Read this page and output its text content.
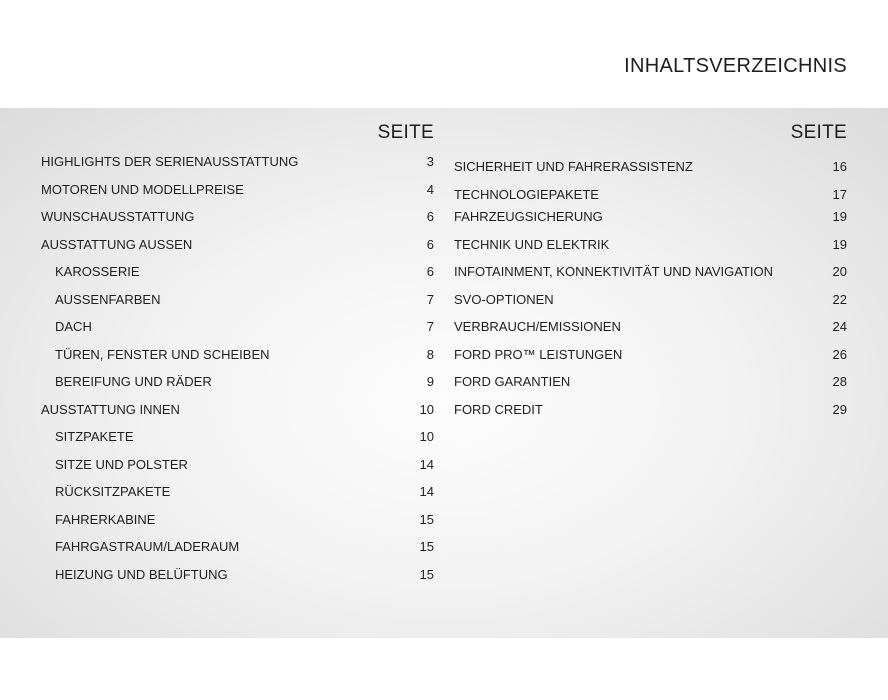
INHALTSVERZEICHNIS
SEITE
HIGHLIGHTS DER SERIENAUSSTATTUNG	3
MOTOREN UND MODELLPREISE	4
WUNSCHAUSSTATTUNG	6
AUSSTATTUNG AUSSEN	6
KAROSSERIE	6
AUSSENFARBEN	7
DACH	7
TÜREN, FENSTER UND SCHEIBEN	8
BEREIFUNG UND RÄDER	9
AUSSTATTUNG INNEN	10
SITZPAKETE	10
SITZE UND POLSTER	14
RÜCKSITZPAKETE	14
FAHRERKABINE	15
FAHRGASTRAUM/LADERAUM	15
HEIZUNG UND BELÜFTUNG	15
SEITE
SICHERHEIT UND FAHRERASSISTENZ	16
TECHNOLOGIEPAKETE	17
FAHRZEUGSICHERUNG	19
TECHNIK UND ELEKTRIK	19
INFOTAINMENT, KONNEKTIVITÄT UND NAVIGATION	20
SVO-OPTIONEN	22
VERBRAUCH/EMISSIONEN	24
FORD PRO™ LEISTUNGEN	26
FORD GARANTIEN	28
FORD CREDIT	29
